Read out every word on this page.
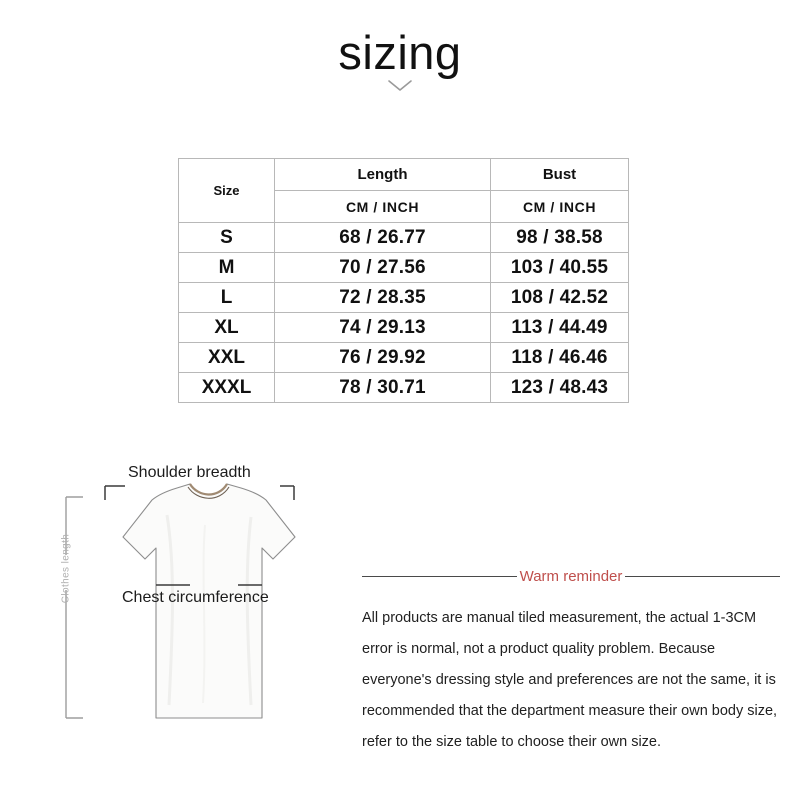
sizing
Size	Length	Bust
	CM / INCH	CM / INCH
S	68 / 26.77	98 / 38.58
M	70 / 27.56	103 / 40.55
L	72 / 28.35	108 / 42.52
XL	74 / 29.13	113 / 44.49
XXL	76 / 29.92	118 / 46.46
XXXL	78 / 30.71	123 / 48.43
Shoulder breadth
Chest circumference
Clothes length	Warm reminder

All products are manual tiled measurement, the actual 1-3CM error is normal, not a product quality problem. Because everyone's dressing style and preferences are not the same, it is recommended that the department measure their own body size, refer to the size table to choose their own size.
